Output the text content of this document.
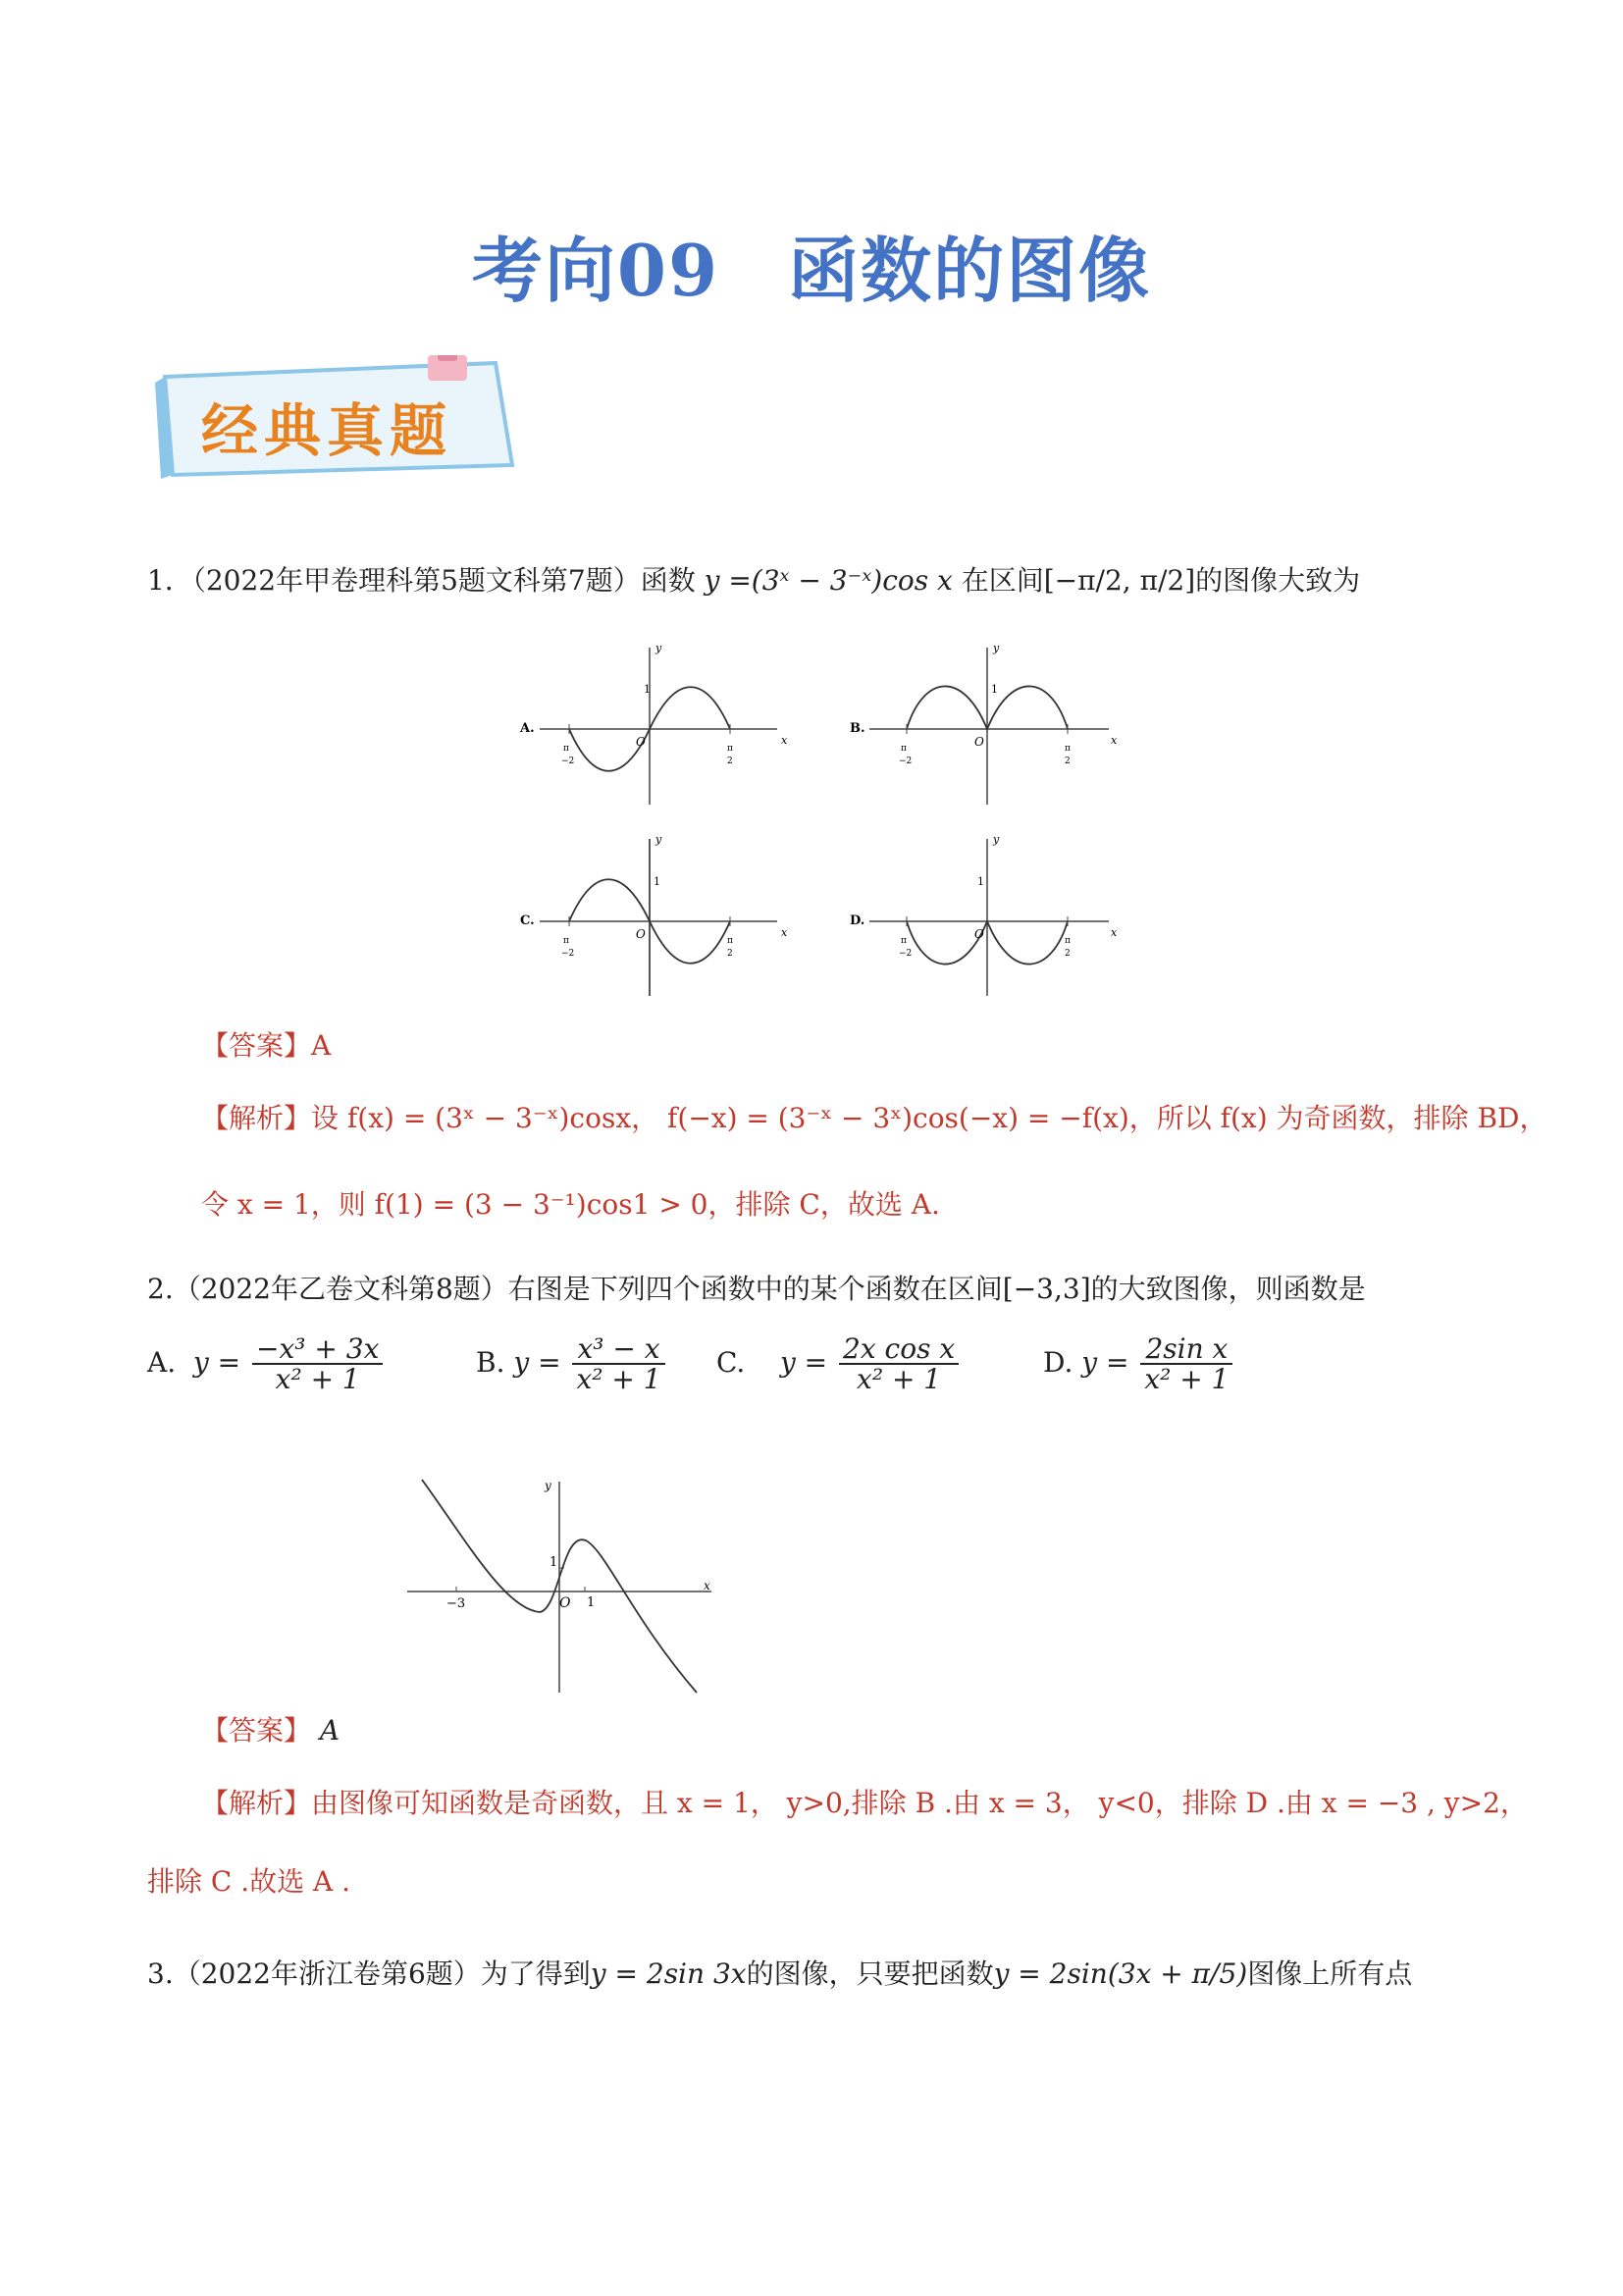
考向09 函数的图像
经典真题
1．（2022年甲卷理科第5题文科第7题）函数 y =(3ˣ − 3⁻ˣ)cos x 在区间[−π/2, π/2]的图像大致为
A.
1
O	x
y
π
−2
π
2
B.
1
O	x
y
π
−2
π
2
C.
1
O	x
y
π
−2
π
2
D.
1
O	x
y
π
−2
π
2
【答案】A
【解析】设 f(x) = (3ˣ − 3⁻ˣ)cosx， f(−x) = (3⁻ˣ − 3ˣ)cos(−x) = −f(x)，所以 f(x) 为奇函数，排除 BD，
令 x = 1，则 f(1) = (3 − 3⁻¹)cos1 > 0，排除 C，故选 A.
2.（2022年乙卷文科第8题）右图是下列四个函数中的某个函数在区间[−3,3]的大致图像，则函数是
A. $y = \frac{\text{−x³ + 3x}}{\text{x² + 1}}$	B. $y = \frac{\text{x³ − x}}{\text{x² + 1}} C$. $y = \frac{\text{2x cos x}}{\text{x² + 1}}$	D. $y = \frac{\text{2sin x}}{\text{x² + 1}}$
−3	1
1
O
x
y
【答案】 A
【解析】由图像可知函数是奇函数，且 x = 1， y>0,排除 B .由 x = 3， y<0，排除 D .由 x = −3 , y>2，
排除 C .故选 A .
3.（2022年浙江卷第6题）为了得到y = 2sin 3x的图像，只要把函数y = 2sin(3x + π/5)图像上所有点
